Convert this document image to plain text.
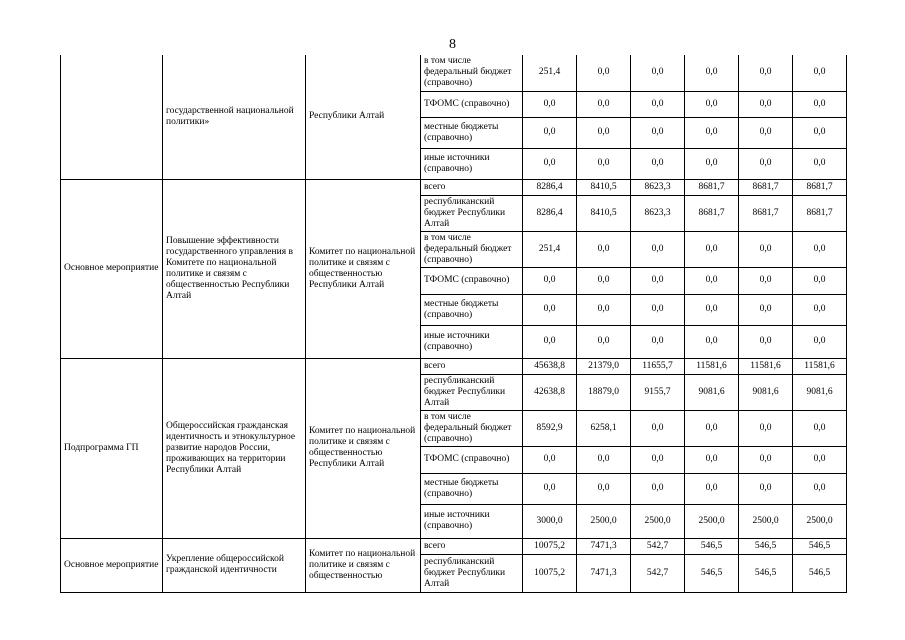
8
	государственной национальной политики»	Республики Алтай	в том числе федеральный бюджет (справочно)	251,4	0,0	0,0	0,0	0,0	0,0
			ТФОМС (справочно)	0,0	0,0	0,0	0,0	0,0	0,0
			местные бюджеты (справочно)	0,0	0,0	0,0	0,0	0,0	0,0
			иные источники (справочно)	0,0	0,0	0,0	0,0	0,0	0,0
Основное мероприятие	Повышение эффективности государственного управления в Комитете по национальной политике и связям с общественностью Республики Алтай	Комитет по национальной политике и связям с общественностью Республики Алтай	всего	8286,4	8410,5	8623,3	8681,7	8681,7	8681,7
			республиканский бюджет Республики Алтай	8286,4	8410,5	8623,3	8681,7	8681,7	8681,7
			в том числе федеральный бюджет (справочно)	251,4	0,0	0,0	0,0	0,0	0,0
			ТФОМС (справочно)	0,0	0,0	0,0	0,0	0,0	0,0
			местные бюджеты (справочно)	0,0	0,0	0,0	0,0	0,0	0,0
			иные источники (справочно)	0,0	0,0	0,0	0,0	0,0	0,0
Подпрограмма ГП	Общероссийская гражданская идентичность и этнокультурное развитие народов России, проживающих на территории Республики Алтай	Комитет по национальной политике и связям с общественностью Республики Алтай	всего	45638,8	21379,0	11655,7	11581,6	11581,6	11581,6
			республиканский бюджет Республики Алтай	42638,8	18879,0	9155,7	9081,6	9081,6	9081,6
			в том числе федеральный бюджет (справочно)	8592,9	6258,1	0,0	0,0	0,0	0,0
			ТФОМС (справочно)	0,0	0,0	0,0	0,0	0,0	0,0
			местные бюджеты (справочно)	0,0	0,0	0,0	0,0	0,0	0,0
			иные источники (справочно)	3000,0	2500,0	2500,0	2500,0	2500,0	2500,0
Основное мероприятие	Укрепление общероссийской гражданской идентичности	Комитет по национальной политике и связям с общественностью	всего	10075,2	7471,3	542,7	546,5	546,5	546,5
			республиканский бюджет Республики Алтай	10075,2	7471,3	542,7	546,5	546,5	546,5
